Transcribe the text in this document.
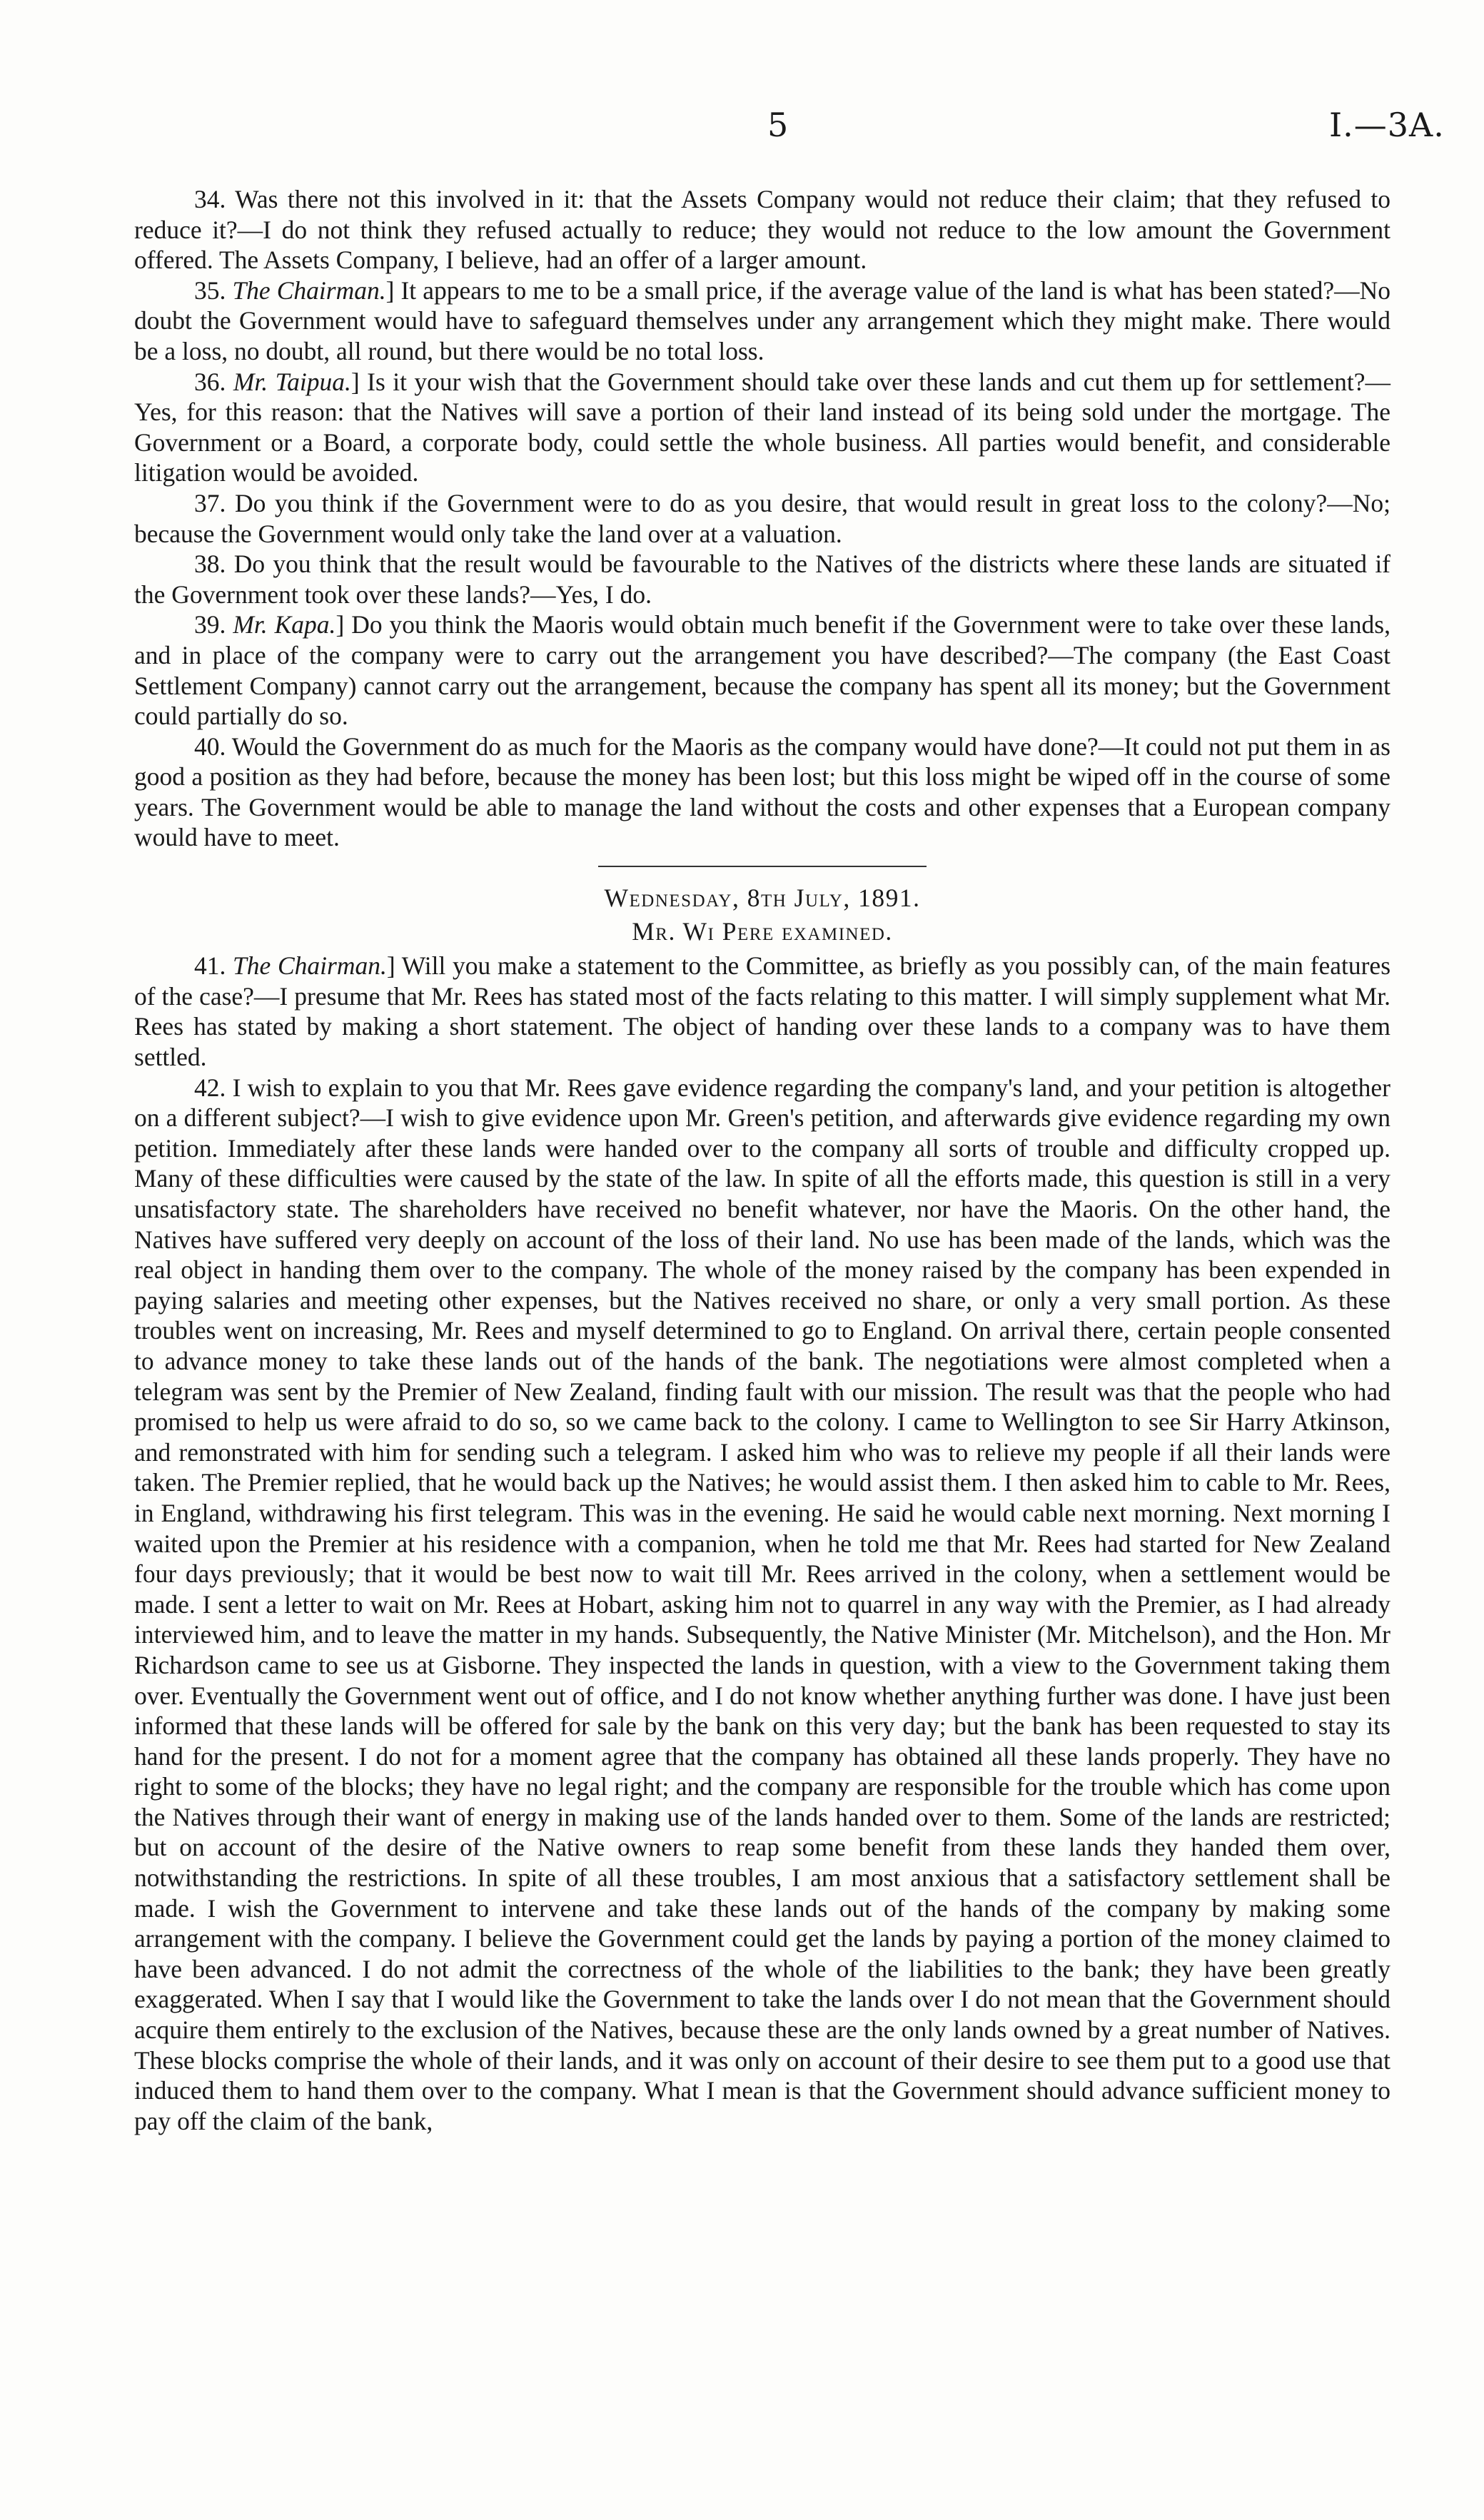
5	I.—3A.

34. Was there not this involved in it: that the Assets Company would not reduce their claim; that they refused to reduce it?—I do not think they refused actually to reduce; they would not reduce to the low amount the Government offered. The Assets Company, I believe, had an offer of a larger amount.

35. The Chairman.] It appears to me to be a small price, if the average value of the land is what has been stated?—No doubt the Government would have to safeguard themselves under any arrangement which they might make. There would be a loss, no doubt, all round, but there would be no total loss.

36. Mr. Taipua.] Is it your wish that the Government should take over these lands and cut them up for settlement?—Yes, for this reason: that the Natives will save a portion of their land instead of its being sold under the mortgage. The Government or a Board, a corporate body, could settle the whole business. All parties would benefit, and considerable litigation would be avoided.

37. Do you think if the Government were to do as you desire, that would result in great loss to the colony?—No; because the Government would only take the land over at a valuation.

38. Do you think that the result would be favourable to the Natives of the districts where these lands are situated if the Government took over these lands?—Yes, I do.

39. Mr. Kapa.] Do you think the Maoris would obtain much benefit if the Government were to take over these lands, and in place of the company were to carry out the arrangement you have described?—The company (the East Coast Settlement Company) cannot carry out the arrangement, because the company has spent all its money; but the Government could partially do so.

40. Would the Government do as much for the Maoris as the company would have done?—It could not put them in as good a position as they had before, because the money has been lost; but this loss might be wiped off in the course of some years. The Government would be able to manage the land without the costs and other expenses that a European company would have to meet.

Wednesday, 8th July, 1891.
Mr. Wi Pere examined.

41. The Chairman.] Will you make a statement to the Committee, as briefly as you possibly can, of the main features of the case?—I presume that Mr. Rees has stated most of the facts relating to this matter. I will simply supplement what Mr. Rees has stated by making a short statement. The object of handing over these lands to a company was to have them settled.

42. I wish to explain to you that Mr. Rees gave evidence regarding the company's land, and your petition is altogether on a different subject?—I wish to give evidence upon Mr. Green's petition, and afterwards give evidence regarding my own petition. Immediately after these lands were handed over to the company all sorts of trouble and difficulty cropped up. Many of these difficulties were caused by the state of the law. In spite of all the efforts made, this question is still in a very unsatisfactory state. The shareholders have received no benefit whatever, nor have the Maoris. On the other hand, the Natives have suffered very deeply on account of the loss of their land. No use has been made of the lands, which was the real object in handing them over to the company. The whole of the money raised by the company has been expended in paying salaries and meeting other expenses, but the Natives received no share, or only a very small portion. As these troubles went on increasing, Mr. Rees and myself determined to go to England. On arrival there, certain people consented to advance money to take these lands out of the hands of the bank. The negotiations were almost completed when a telegram was sent by the Premier of New Zealand, finding fault with our mission. The result was that the people who had promised to help us were afraid to do so, so we came back to the colony. I came to Wellington to see Sir Harry Atkinson, and remonstrated with him for sending such a telegram. I asked him who was to relieve my people if all their lands were taken. The Premier replied, that he would back up the Natives; he would assist them. I then asked him to cable to Mr. Rees, in England, withdrawing his first telegram. This was in the evening. He said he would cable next morning. Next morning I waited upon the Premier at his residence with a companion, when he told me that Mr. Rees had started for New Zealand four days previously; that it would be best now to wait till Mr. Rees arrived in the colony, when a settlement would be made. I sent a letter to wait on Mr. Rees at Hobart, asking him not to quarrel in any way with the Premier, as I had already interviewed him, and to leave the matter in my hands. Subsequently, the Native Minister (Mr. Mitchelson), and the Hon. Mr Richardson came to see us at Gisborne. They inspected the lands in question, with a view to the Government taking them over. Eventually the Government went out of office, and I do not know whether anything further was done. I have just been informed that these lands will be offered for sale by the bank on this very day; but the bank has been requested to stay its hand for the present. I do not for a moment agree that the company has obtained all these lands properly. They have no right to some of the blocks; they have no legal right; and the company are responsible for the trouble which has come upon the Natives through their want of energy in making use of the lands handed over to them. Some of the lands are restricted; but on account of the desire of the Native owners to reap some benefit from these lands they handed them over, notwithstanding the restrictions. In spite of all these troubles, I am most anxious that a satisfactory settlement shall be made. I wish the Government to intervene and take these lands out of the hands of the company by making some arrangement with the company. I believe the Government could get the lands by paying a portion of the money claimed to have been advanced. I do not admit the correctness of the whole of the liabilities to the bank; they have been greatly exaggerated. When I say that I would like the Government to take the lands over I do not mean that the Government should acquire them entirely to the exclusion of the Natives, because these are the only lands owned by a great number of Natives. These blocks comprise the whole of their lands, and it was only on account of their desire to see them put to a good use that induced them to hand them over to the company. What I mean is that the Government should advance sufficient money to pay off the claim of the bank,
